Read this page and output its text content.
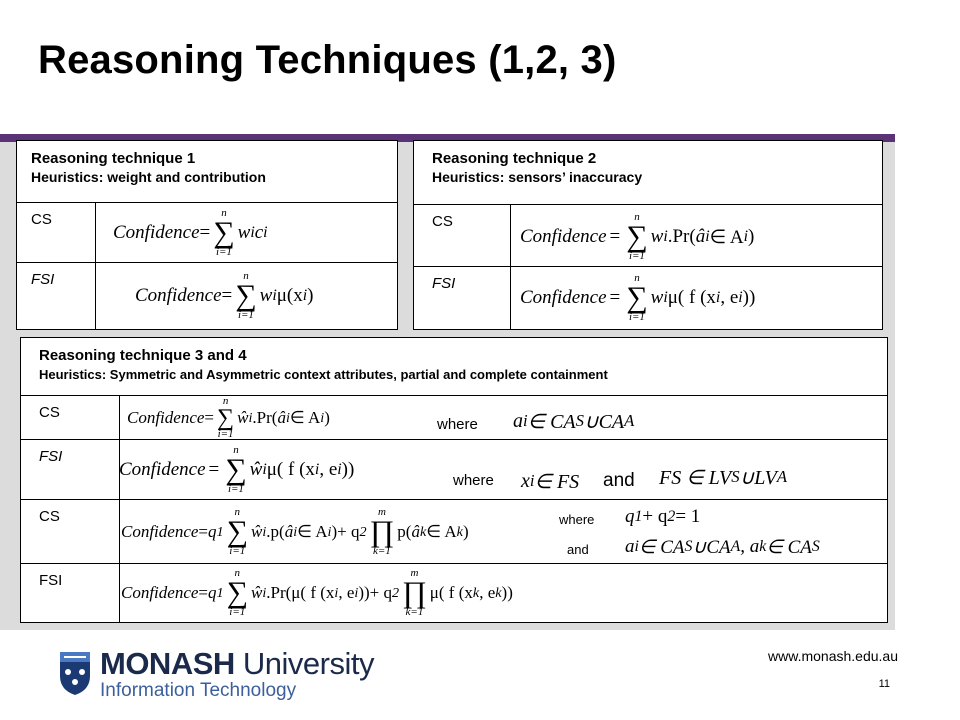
Reasoning Techniques (1,2, 3)
Reasoning technique 1
Heuristics: weight and contribution
CS
Confidence =
n
∑
i=1
w i c i
FSI
Confidence =
n
∑
i=1
w i μ(x i )
Reasoning technique 2
Heuristics: sensors’ inaccuracy
CS
Confidence =
n
∑
i=1
w i .Pr( â i ∈ A i )
FSI
Confidence =
n
∑
i=1
w i μ( f (x i , e i ))
Reasoning technique 3 and 4
Heuristics: Symmetric and Asymmetric context attributes, partial and complete containment
CS	Confidence =
n
∑
i=1
ŵ i .Pr( â i ∈ A i )	where a i ∈ CA S ∪CA A
FSI
Confidence =
n
∑
i=1
ŵ i μ( f (x i , e i ))
where x i ∈ FS and FS ∈ LV S ∪LV A
CS
Confidence = q 1
n
∑
i=1
ŵ i .p( â i ∈ A i ) + q 2
m
∏
k=1
p( â k ∈ A k )
where q 1 + q 2 = 1
and a i ∈ CA S ∪CA A , a k ∈ CA S
FSI
Confidence = q 1
n
∑
i=1
ŵ i .Pr( μ( f (x i , e i )) + q 2
m
∏
k=1
μ( f (x k , e k ))
MONASH University
Information Technology
www.monash.edu.au
11
